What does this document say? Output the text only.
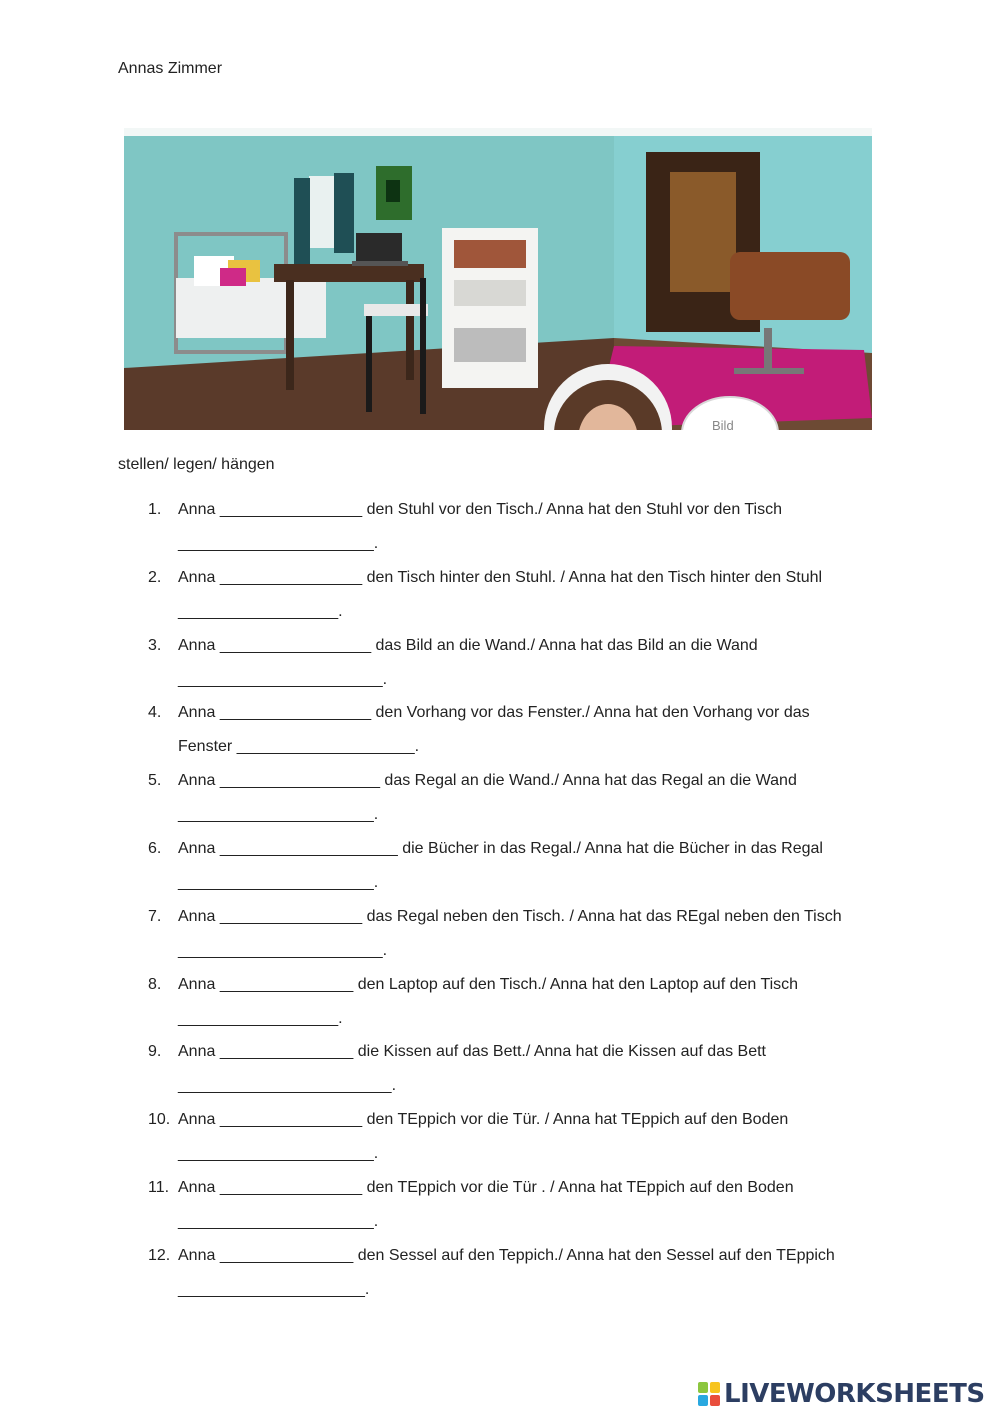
Annas Zimmer
Bild
stellen/ legen/ hängen
1. Anna ________________ den Stuhl vor den Tisch./ Anna hat den Stuhl vor den Tisch
______________________.
2. Anna ________________ den Tisch hinter den Stuhl. / Anna hat den Tisch hinter den Stuhl
__________________.
3. Anna _________________ das Bild an die Wand./ Anna hat das Bild an die Wand
_______________________.
4. Anna _________________ den Vorhang vor das Fenster./ Anna hat den Vorhang vor das
Fenster ____________________.
5. Anna __________________ das Regal an die Wand./ Anna hat das Regal an die Wand
______________________.
6. Anna ____________________ die Bücher in das Regal./ Anna hat die Bücher in das Regal
______________________.
7. Anna ________________ das Regal neben den Tisch. / Anna hat das REgal neben den Tisch
_______________________.
8. Anna _______________ den Laptop auf den Tisch./ Anna hat den Laptop auf den Tisch
__________________.
9. Anna _______________ die Kissen auf das Bett./ Anna hat die Kissen auf das Bett
________________________.
10. Anna ________________ den TEppich vor die Tür. / Anna hat TEppich auf den Boden
______________________.
11. Anna ________________ den TEppich vor die Tür . / Anna hat TEppich auf den Boden
______________________.
12. Anna _______________ den Sessel auf den Teppich./ Anna hat den Sessel auf den TEppich
_____________________.
LIVEWORKSHEETS
